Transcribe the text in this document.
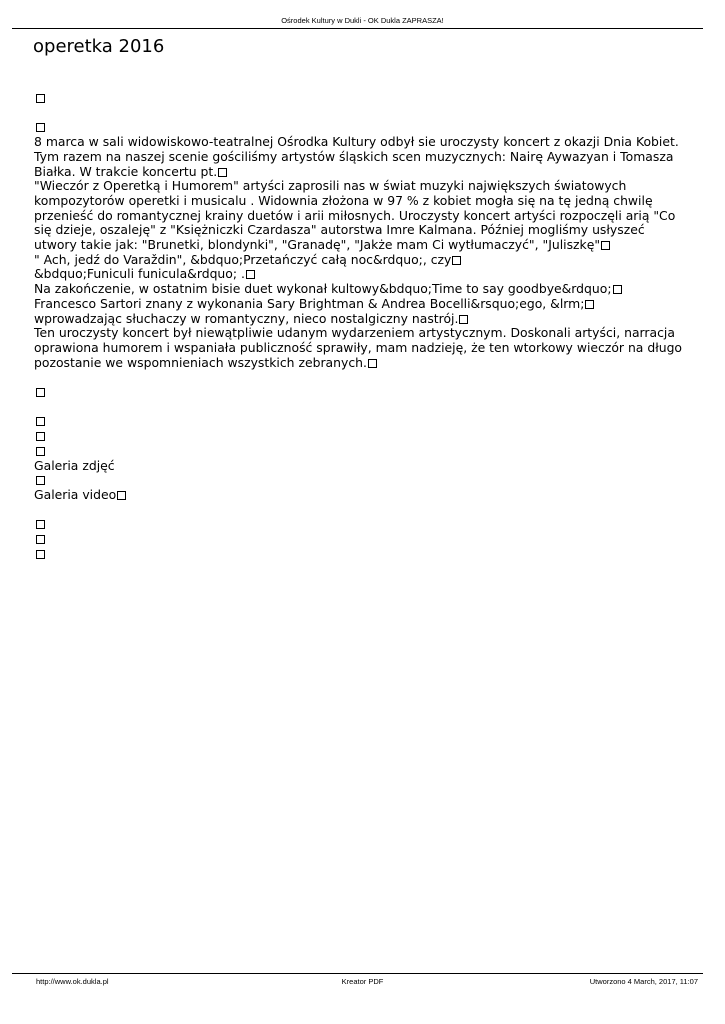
Ośrodek Kultury w Dukli - OK Dukla ZAPRASZA!
operetka 2016
8 marca w sali widowiskowo-teatralnej Ośrodka Kultury odbył sie uroczysty koncert z okazji Dnia Kobiet.
Tym razem na naszej scenie gościliśmy artystów śląskich scen muzycznych: Nairę Aywazyan i Tomasza
Białka. W trakcie koncertu pt.
"Wieczór z Operetką i Humorem" artyści zaprosili nas w świat muzyki największych światowych
kompozytorów operetki i musicalu . Widownia złożona w 97 % z kobiet mogła się na tę jedną chwilę
przenieść do romantycznej krainy duetów i arii miłosnych. Uroczysty koncert artyści rozpoczęli arią "Co
się dzieje, oszaleję" z "Księżniczki Czardasza" autorstwa Imre Kalmana. Później mogliśmy usłyszeć
utwory takie jak: "Brunetki, blondynki", "Granadę", "Jakże mam Ci wytłumaczyć", "Juliszkę"
" Ach, jedź do Varaždin", &bdquo;Przetańczyć całą noc&rdquo;, czy
&bdquo;Funiculi funicula&rdquo; .
Na zakończenie, w ostatnim bisie duet wykonał kultowy&bdquo;Time to say goodbye&rdquo;
Francesco Sartori znany z wykonania Sary Brightman & Andrea Bocelli&rsquo;ego, &lrm;
wprowadzając słuchaczy w romantyczny, nieco nostalgiczny nastrój.
Ten uroczysty koncert był niewątpliwie udanym wydarzeniem artystycznym. Doskonali artyści, narracja
oprawiona humorem i wspaniała publiczność sprawiły, mam nadzieję, że ten wtorkowy wieczór na długo
pozostanie we wspomnieniach wszystkich zebranych.
Galeria zdjęć
Galeria video
http://www.ok.dukla.pl	Kreator PDF	Utworzono 4 March, 2017, 11:07
